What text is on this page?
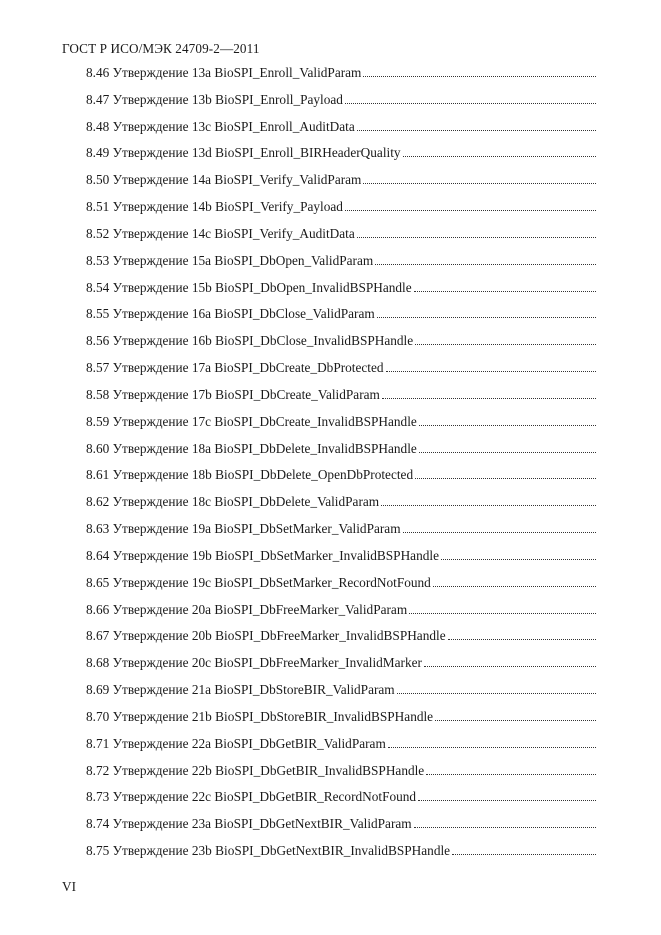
ГОСТ Р ИСО/МЭК 24709-2—2011
8.46 Утверждение 13a BioSPI_Enroll_ValidParam
8.47 Утверждение 13b BioSPI_Enroll_Payload
8.48 Утверждение 13c BioSPI_Enroll_AuditData
8.49 Утверждение 13d BioSPI_Enroll_BIRHeaderQuality
8.50 Утверждение 14a BioSPI_Verify_ValidParam
8.51 Утверждение 14b BioSPI_Verify_Payload
8.52 Утверждение 14c BioSPI_Verify_AuditData
8.53 Утверждение 15a BioSPI_DbOpen_ValidParam
8.54 Утверждение 15b BioSPI_DbOpen_InvalidBSPHandle
8.55 Утверждение 16a BioSPI_DbClose_ValidParam
8.56 Утверждение 16b BioSPI_DbClose_InvalidBSPHandle
8.57 Утверждение 17a BioSPI_DbCreate_DbProtected
8.58 Утверждение 17b BioSPI_DbCreate_ValidParam
8.59 Утверждение 17c BioSPI_DbCreate_InvalidBSPHandle
8.60 Утверждение 18a BioSPI_DbDelete_InvalidBSPHandle
8.61 Утверждение 18b BioSPI_DbDelete_OpenDbProtected
8.62 Утверждение 18c BioSPI_DbDelete_ValidParam
8.63 Утверждение 19a BioSPI_DbSetMarker_ValidParam
8.64 Утверждение 19b BioSPI_DbSetMarker_InvalidBSPHandle
8.65 Утверждение 19c BioSPI_DbSetMarker_RecordNotFound
8.66 Утверждение 20a BioSPI_DbFreeMarker_ValidParam
8.67 Утверждение 20b BioSPI_DbFreeMarker_InvalidBSPHandle
8.68 Утверждение 20c BioSPI_DbFreeMarker_InvalidMarker
8.69 Утверждение 21a BioSPI_DbStoreBIR_ValidParam
8.70 Утверждение 21b BioSPI_DbStoreBIR_InvalidBSPHandle
8.71 Утверждение 22a BioSPI_DbGetBIR_ValidParam
8.72 Утверждение 22b BioSPI_DbGetBIR_InvalidBSPHandle
8.73 Утверждение 22c BioSPI_DbGetBIR_RecordNotFound
8.74 Утверждение 23a BioSPI_DbGetNextBIR_ValidParam
8.75 Утверждение 23b BioSPI_DbGetNextBIR_InvalidBSPHandle
VI
